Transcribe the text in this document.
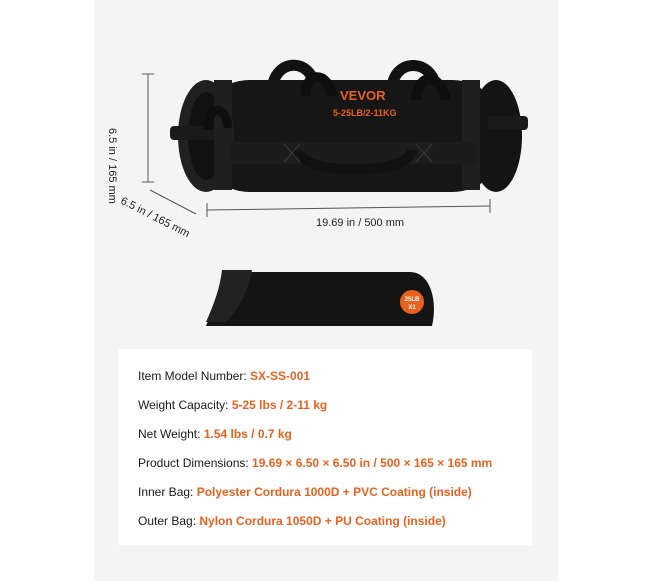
VEVOR
5-25LB/2-11KG
25LB
X1
6.5 in / 165 mm
6.5 in / 165 mm	19.69 in / 500 mm
Item Model Number: SX-SS-001
Weight Capacity: 5-25 lbs / 2-11 kg
Net Weight: 1.54 lbs / 0.7 kg
Product Dimensions: 19.69 × 6.50 × 6.50 in / 500 × 165 × 165 mm
Inner Bag: Polyester Cordura 1000D + PVC Coating (inside)
Outer Bag: Nylon Cordura 1050D + PU Coating (inside)
